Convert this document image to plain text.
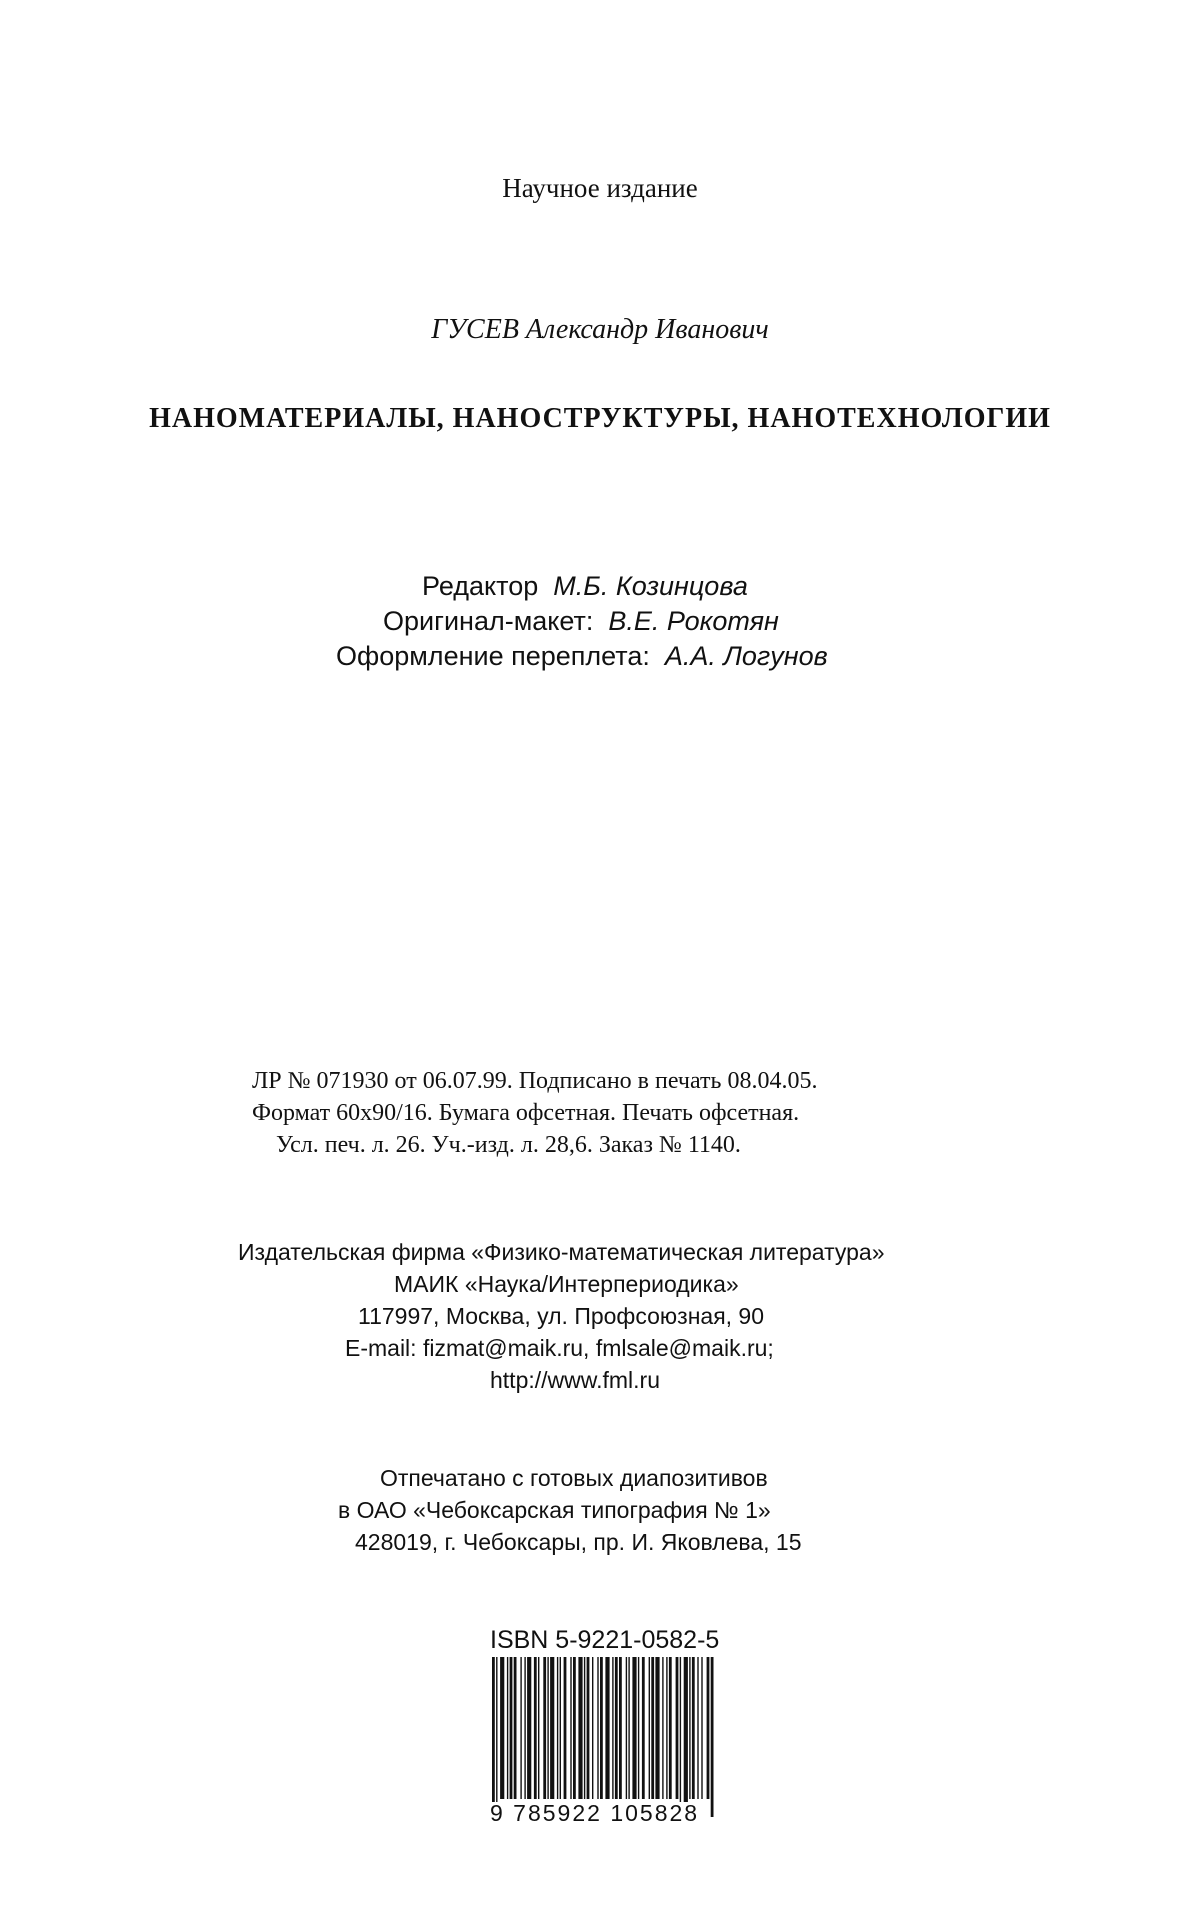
Научное издание
ГУСЕВ Александр Иванович
НАНОМАТЕРИАЛЫ, НАНОСТРУКТУРЫ, НАНОТЕХНОЛОГИИ
Редактор М.Б. Козинцова
Оригинал-макет: В.Е. Рокотян
Оформление переплета: А.А. Логунов
ЛР № 071930 от 06.07.99. Подписано в печать 08.04.05.
Формат 60х90/16. Бумага офсетная. Печать офсетная.
Усл. печ. л. 26. Уч.-изд. л. 28,6. Заказ № 1140.
Издательская фирма «Физико-математическая литература»
МАИК «Наука/Интерпериодика»
117997, Москва, ул. Профсоюзная, 90
E-mail: fizmat@maik.ru, fmlsale@maik.ru;
http://www.fml.ru
Отпечатано с готовых диапозитивов
в ОАО «Чебоксарская типография № 1»
428019, г. Чебоксары, пр. И. Яковлева, 15
ISBN 5-9221-0582-5
9 785922 105828
